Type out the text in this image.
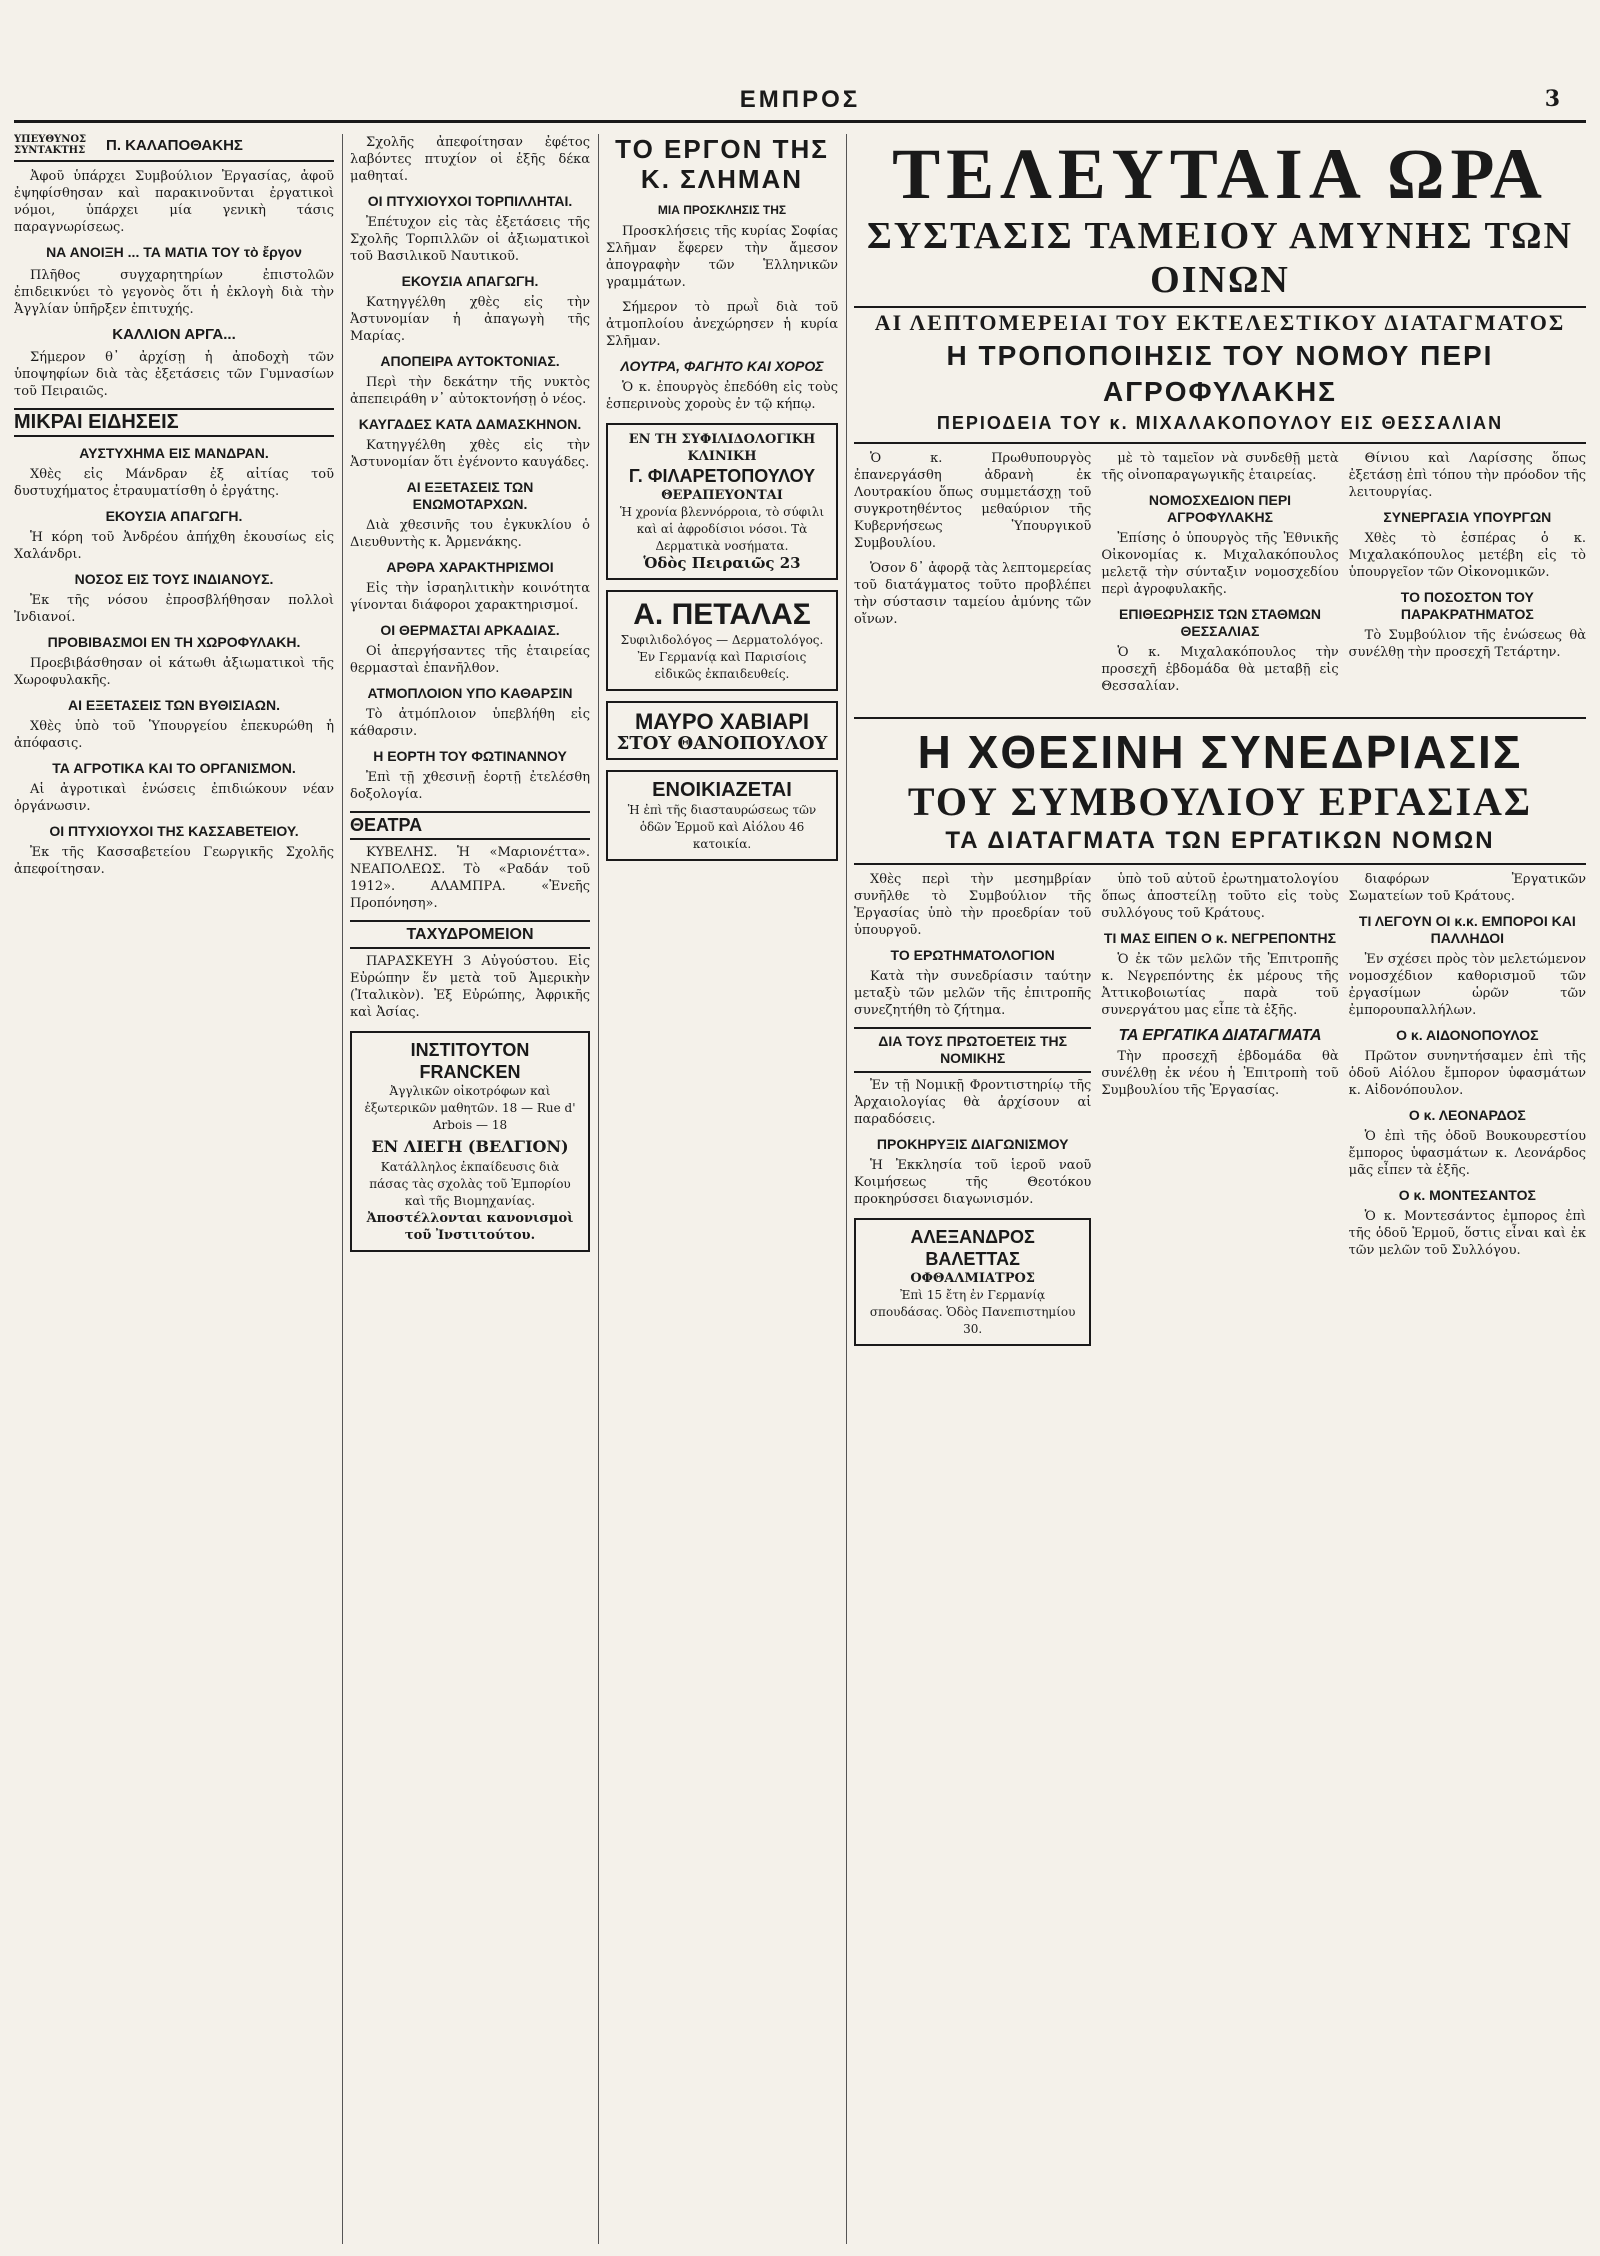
ΕΜΠΡΟΣ	3
ΥΠΕΥΘΥΝΟΣ ΣΥΝΤΑΚΤΗΣ	Π. ΚΑΛΑΠΟΘΑΚΗΣ

Ἀφοῦ ὑπάρχει Συμβούλιον Ἐργασίας, ἀφοῦ ἐψηφίσθησαν καὶ παρακινοῦνται ἐργατικοὶ νόμοι, ὑπάρχει μία γενικὴ τάσις παραγνωρίσεως.

ΝΑ ΑΝΟΙΞΗ ... ΤΑ ΜΑΤΙΑ ΤΟΥ τὸ ἔργον

Πλῆθος συγχαρητηρίων ἐπιστολῶν ἐπιδεικνύει τὸ γεγονὸς ὅτι ἡ ἐκλογὴ διὰ τὴν Ἀγγλίαν ὑπῆρξεν ἐπιτυχής.

ΚΑΛΛΙΟΝ ΑΡΓΑ...

Σήμερον θ᾽ ἀρχίσῃ ἡ ἀποδοχὴ τῶν ὑποψηφίων διὰ τὰς ἐξετάσεις τῶν Γυμνασίων τοῦ Πειραιῶς.

ΜΙΚΡΑΙ ΕΙΔΗΣΕΙΣ
ΑΥΣΤΥΧΗΜΑ ΕΙΣ ΜΑΝΔΡΑΝ.

Χθὲς εἰς Μάνδραν ἐξ αἰτίας τοῦ δυστυχήματος ἐτραυματίσθη ὁ ἐργάτης.

ΕΚΟΥΣΙΑ ΑΠΑΓΩΓΗ.

Ἡ κόρη τοῦ Ἀνδρέου ἀπήχθη ἑκουσίως εἰς Χαλάνδρι.

ΝΟΣΟΣ ΕΙΣ ΤΟΥΣ ΙΝΔΙΑΝΟΥΣ.

Ἐκ τῆς νόσου ἐπροσβλήθησαν πολλοὶ Ἰνδιανοί.

ΠΡΟΒΙΒΑΣΜΟΙ ΕΝ ΤΗ ΧΩΡΟΦΥΛΑΚΗ.

Προεβιβάσθησαν οἱ κάτωθι ἀξιωματικοὶ τῆς Χωροφυλακῆς.

ΑΙ ΕΞΕΤΑΣΕΙΣ ΤΩΝ ΒΥΘΙΣΙΑΩΝ.

Χθὲς ὑπὸ τοῦ Ὑπουργείου ἐπεκυρώθη ἡ ἀπόφασις.

ΤΑ ΑΓΡΟΤΙΚΑ ΚΑΙ ΤΟ ΟΡΓΑΝΙΣΜΟΝ.

Αἱ ἀγροτικαὶ ἑνώσεις ἐπιδιώκουν νέαν ὀργάνωσιν.

ΟΙ ΠΤΥΧΙΟΥΧΟΙ ΤΗΣ ΚΑΣΣΑΒΕΤΕΙΟΥ.

Ἐκ τῆς Κασσαβετείου Γεωργικῆς Σχολῆς ἀπεφοίτησαν.

Σχολῆς ἀπεφοίτησαν ἐφέτος λαβόντες πτυχίον οἱ ἑξῆς δέκα μαθηταί.

ΟΙ ΠΤΥΧΙΟΥΧΟΙ ΤΟΡΠΙΛΛΗΤΑΙ.

Ἐπέτυχον εἰς τὰς ἐξετάσεις τῆς Σχολῆς Τορπιλλῶν οἱ ἀξιωματικοὶ τοῦ Βασιλικοῦ Ναυτικοῦ.

ΕΚΟΥΣΙΑ ΑΠΑΓΩΓΗ.

Κατηγγέλθη χθὲς εἰς τὴν Ἀστυνομίαν ἡ ἀπαγωγὴ τῆς Μαρίας.

ΑΠΟΠΕΙΡΑ ΑΥΤΟΚΤΟΝΙΑΣ.

Περὶ τὴν δεκάτην τῆς νυκτὸς ἀπεπειράθη ν᾽ αὐτοκτονήσῃ ὁ νέος.

ΚΑΥΓΑΔΕΣ ΚΑΤΑ ΔΑΜΑΣΚΗΝΟΝ.

Κατηγγέλθη χθὲς εἰς τὴν Ἀστυνομίαν ὅτι ἐγένοντο καυγάδες.

ΑΙ ΕΞΕΤΑΣΕΙΣ ΤΩΝ ΕΝΩΜΟΤΑΡΧΩΝ.

Διὰ χθεσινῆς του ἐγκυκλίου ὁ Διευθυντὴς κ. Ἀρμενάκης.

ΑΡΘΡΑ ΧΑΡΑΚΤΗΡΙΣΜΟΙ

Εἰς τὴν ἰσραηλιτικὴν κοινότητα γίνονται διάφοροι χαρακτηρισμοί.

ΟΙ ΘΕΡΜΑΣΤΑΙ ΑΡΚΑΔΙΑΣ.

Οἱ ἀπεργήσαντες τῆς ἑταιρείας θερμασταὶ ἐπανῆλθον.

ΑΤΜΟΠΛΟΙΟΝ ΥΠΟ ΚΑΘΑΡΣΙΝ

Τὸ ἀτμόπλοιον ὑπεβλήθη εἰς κάθαρσιν.

Η ΕΟΡΤΗ ΤΟΥ ΦΩΤΙΝΑΝΝΟΥ

Ἐπὶ τῇ χθεσινῇ ἑορτῇ ἐτελέσθη δοξολογία.

ΘΕΑΤΡΑ

ΚΥΒΕΛΗΣ. Ἡ «Μαριονέττα». ΝΕΑΠΟΛΕΩΣ. Τὸ «Ραδάν τοῦ 1912». ΑΛΑΜΠΡΑ. «Ἐνεῆς Προπόνηση».

ΤΑΧΥΔΡΟΜΕΙΟΝ

ΠΑΡΑΣΚΕΥΗ 3 Αὐγούστου. Εἰς Εὐρώπην ἕν μετὰ τοῦ Ἀμερικὴν (Ἰταλικὸν). Ἐξ Εὐρώπης, Ἀφρικῆς καὶ Ἀσίας.

ΙΝΣΤΙΤΟΥΤΟΝ FRANCKEN
Ἀγγλικῶν οἰκοτρόφων καὶ ἐξωτερικῶν μαθητῶν. 18 — Rue d' Arbois — 18
ΕΝ ΛΙΕΓΗ (ΒΕΛΓΙΟΝ)
Κατάλληλος ἐκπαίδευσις διὰ πάσας τὰς σχολὰς τοῦ Ἐμπορίου καὶ τῆς Βιομηχανίας.
Ἀποστέλλονται κανονισμοὶ τοῦ Ἰνστιτούτου.
ΤΟ ΕΡΓΟΝ ΤΗΣ Κ. ΣΛΗΜΑΝ
ΜΙΑ ΠΡΟΣΚΛΗΣΙΣ ΤΗΣ

Προσκλήσεις τῆς κυρίας Σοφίας Σλῆμαν ἔφερεν τὴν ἄμεσον ἀπογραφὴν τῶν Ἑλληνικῶν γραμμάτων.

Σήμερον τὸ πρωῒ διὰ τοῦ ἀτμοπλοίου ἀνεχώρησεν ἡ κυρία Σλῆμαν.

ΛΟΥΤΡΑ, ΦΑΓΗΤΟ ΚΑΙ ΧΟΡΟΣ

Ὁ κ. ἐπουργὸς ἐπεδόθη εἰς τοὺς ἑσπερινοὺς χοροὺς ἐν τῷ κήπῳ.

ΕΝ ΤΗ ΣΥΦΙΛΙΔΟΛΟΓΙΚΗ ΚΛΙΝΙΚΗ
Γ. ΦΙΛΑΡΕΤΟΠΟΥΛΟΥ
ΘΕΡΑΠΕΥΟΝΤΑΙ
Ἡ χρονία βλεννόρροια, τὸ σύφιλι καὶ αἱ ἀφροδίσιοι νόσοι. Τὰ Δερματικὰ νοσήματα.
Ὁδὸς Πειραιῶς 23
Α. ΠΕΤΑΛΑΣ
Συφιλιδολόγος — Δερματολόγος. Ἐν Γερμανίᾳ καὶ Παρισίοις εἰδικῶς ἐκπαιδευθείς.
ΜΑΥΡΟ ΧΑΒΙΑΡΙ
ΣΤΟΥ ΘΑΝΟΠΟΥΛΟΥ
ΕΝΟΙΚΙΑΖΕΤΑΙ
Ἡ ἐπὶ τῆς διασταυρώσεως τῶν ὁδῶν Ἑρμοῦ καὶ Αἰόλου 46 κατοικία.
ΤΕΛΕΥΤΑΙΑ ΩΡΑ
ΣΥΣΤΑΣΙΣ ΤΑΜΕΙΟΥ ΑΜΥΝΗΣ ΤΩΝ ΟΙΝΩΝ
ΑΙ ΛΕΠΤΟΜΕΡΕΙΑΙ ΤΟΥ ΕΚΤΕΛΕΣΤΙΚΟΥ ΔΙΑΤΑΓΜΑΤΟΣ
Η ΤΡΟΠΟΠΟΙΗΣΙΣ ΤΟΥ ΝΟΜΟΥ ΠΕΡΙ ΑΓΡΟΦΥΛΑΚΗΣ
ΠΕΡΙΟΔΕΙΑ ΤΟΥ κ. ΜΙΧΑΛΑΚΟΠΟΥΛΟΥ ΕΙΣ ΘΕΣΣΑΛΙΑΝ

Ὁ κ. Πρωθυπουργὸς ἐπανεργάσθη ἀδρανὴ ἐκ Λουτρακίου ὅπως συμμετάσχῃ τοῦ συγκροτηθέντος μεθαύριον τῆς Κυβερνήσεως Ὑπουργικοῦ Συμβουλίου.

Ὁσον δ᾽ ἀφορᾷ τὰς λεπτομερείας τοῦ διατάγματος τοῦτο προβλέπει τὴν σύστασιν ταμείου ἀμύνης τῶν οἴνων.

μὲ τὸ ταμεῖον νὰ συνδεθῇ μετὰ τῆς οἰνοπαραγωγικῆς ἑταιρείας.

ΝΟΜΟΣΧΕΔΙΟΝ ΠΕΡΙ ΑΓΡΟΦΥΛΑΚΗΣ

Ἐπίσης ὁ ὑπουργὸς τῆς Ἐθνικῆς Οἰκονομίας κ. Μιχαλακόπουλος μελετᾷ τὴν σύνταξιν νομοσχεδίου περὶ ἀγροφυλακῆς.

ΕΠΙΘΕΩΡΗΣΙΣ ΤΩΝ ΣΤΑΘΜΩΝ ΘΕΣΣΑΛΙΑΣ

Ὁ κ. Μιχαλακόπουλος τὴν προσεχῆ ἑβδομάδα θὰ μεταβῇ εἰς Θεσσαλίαν.

Θίνιου καὶ Λαρίσσης ὅπως ἐξετάσῃ ἐπὶ τόπου τὴν πρόοδον τῆς λειτουργίας.

ΣΥΝΕΡΓΑΣΙΑ ΥΠΟΥΡΓΩΝ

Χθὲς τὸ ἑσπέρας ὁ κ. Μιχαλακόπουλος μετέβη εἰς τὸ ὑπουργεῖον τῶν Οἰκονομικῶν.

ΤΟ ΠΟΣΟΣΤΟΝ ΤΟΥ ΠΑΡΑΚΡΑΤΗΜΑΤΟΣ

Τὸ Συμβούλιον τῆς ἐνώσεως θὰ συνέλθῃ τὴν προσεχῆ Τετάρτην.

Η ΧΘΕΣΙΝΗ ΣΥΝΕΔΡΙΑΣΙΣ
ΤΟΥ ΣΥΜΒΟΥΛΙΟΥ ΕΡΓΑΣΙΑΣ
ΤΑ ΔΙΑΤΑΓΜΑΤΑ ΤΩΝ ΕΡΓΑΤΙΚΩΝ ΝΟΜΩΝ

Χθὲς περὶ τὴν μεσημβρίαν συνῆλθε τὸ Συμβούλιον τῆς Ἐργασίας ὑπὸ τὴν προεδρίαν τοῦ ὑπουργοῦ.

ΤΟ ΕΡΩΤΗΜΑΤΟΛΟΓΙΟΝ

Κατὰ τὴν συνεδρίασιν ταύτην μεταξὺ τῶν μελῶν τῆς ἐπιτροπῆς συνεζητήθη τὸ ζήτημα.

ΔΙΑ ΤΟΥΣ ΠΡΩΤΟΕΤΕΙΣ ΤΗΣ ΝΟΜΙΚΗΣ

Ἐν τῇ Νομικῇ Φροντιστηρίῳ τῆς Ἀρχαιολογίας θὰ ἀρχίσουν αἱ παραδόσεις.

ΠΡΟΚΗΡΥΞΙΣ ΔΙΑΓΩΝΙΣΜΟΥ

Ἡ Ἐκκλησία τοῦ ἱεροῦ ναοῦ Κοιμήσεως τῆς Θεοτόκου προκηρύσσει διαγωνισμόν.

ΑΛΕΞΑΝΔΡΟΣ ΒΑΛΕΤΤΑΣ
ΟΦΘΑΛΜΙΑΤΡΟΣ
Ἐπὶ 15 ἔτη ἐν Γερμανίᾳ σπουδάσας. Ὁδὸς Πανεπιστημίου 30.

ὑπὸ τοῦ αὐτοῦ ἐρωτηματολογίου ὅπως ἀποστείλῃ τοῦτο εἰς τοὺς συλλόγους τοῦ Κράτους.

ΤΙ ΜΑΣ ΕΙΠΕΝ Ο κ. ΝΕΓΡΕΠΟΝΤΗΣ

Ὁ ἐκ τῶν μελῶν τῆς Ἐπιτροπῆς κ. Νεγρεπόντης ἐκ μέρους τῆς Ἀττικοβοιωτίας παρὰ τοῦ συνεργάτου μας εἶπε τὰ ἑξῆς.

ΤΑ ΕΡΓΑΤΙΚΑ ΔΙΑΤΑΓΜΑΤΑ

Τὴν προσεχῆ ἑβδομάδα θὰ συνέλθῃ ἐκ νέου ἡ Ἐπιτροπὴ τοῦ Συμβουλίου τῆς Ἐργασίας.

διαφόρων Ἐργατικῶν Σωματείων τοῦ Κράτους.

ΤΙ ΛΕΓΟΥΝ ΟΙ κ.κ. ΕΜΠΟΡΟΙ ΚΑΙ ΠΑΛΛΗΔΟΙ

Ἐν σχέσει πρὸς τὸν μελετώμενον νομοσχέδιον καθορισμοῦ τῶν ἐργασίμων ὡρῶν τῶν ἐμπορουπαλλήλων.

Ο κ. ΑΙΔΟΝΟΠΟΥΛΟΣ

Πρῶτον συνηντήσαμεν ἐπὶ τῆς ὁδοῦ Αἰόλου ἔμπορον ὑφασμάτων κ. Αἰδονόπουλον.

Ο κ. ΛΕΟΝΑΡΔΟΣ

Ὁ ἐπὶ τῆς ὁδοῦ Βουκουρεστίου ἔμπορος ὑφασμάτων κ. Λεονάρδος μᾶς εἶπεν τὰ ἑξῆς.

Ο κ. ΜΟΝΤΕΣΑΝΤΟΣ

Ὁ κ. Μοντεσάντος ἐμπορος ἐπὶ τῆς ὁδοῦ Ἑρμοῦ, ὅστις εἶναι καὶ ἐκ τῶν μελῶν τοῦ Συλλόγου.
